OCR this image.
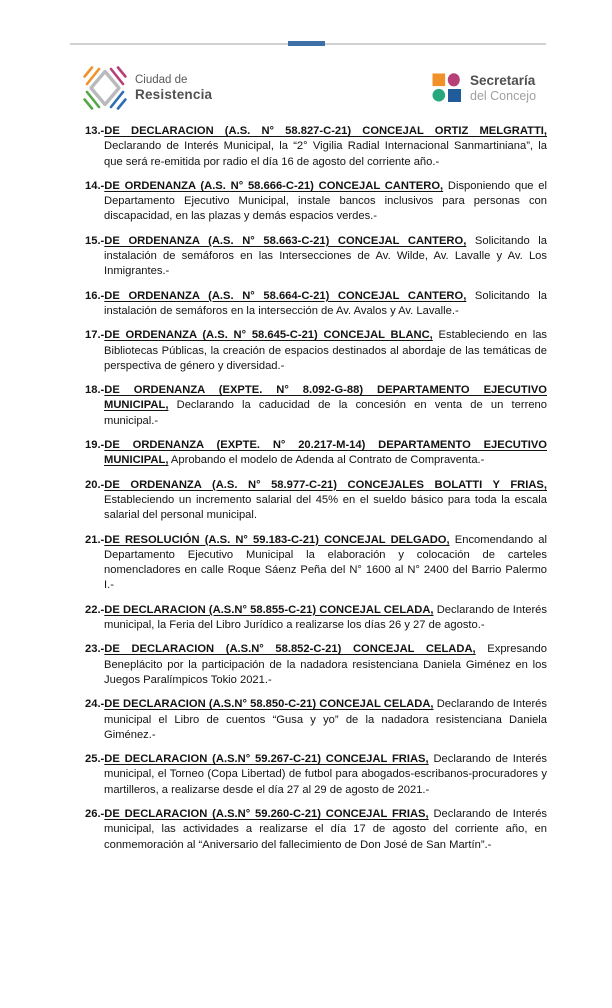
Ciudad de
Resistencia
Secretaría
del Concejo

13.-DE DECLARACION (A.S. N° 58.827-C-21) CONCEJAL ORTIZ MELGRATTI, Declarando de Interés Municipal, la “2° Vigilia Radial Internacional Sanmartiniana”, la que será re-emitida por radio el día 16 de agosto del corriente año.-

14.-DE ORDENANZA (A.S. N° 58.666-C-21) CONCEJAL CANTERO, Disponiendo que el Departamento Ejecutivo Municipal, instale bancos inclusivos para personas con discapacidad, en las plazas y demás espacios verdes.-

15.-DE ORDENANZA (A.S. N° 58.663-C-21) CONCEJAL CANTERO, Solicitando la instalación de semáforos en las Intersecciones de Av. Wilde, Av. Lavalle y Av. Los Inmigrantes.-

16.-DE ORDENANZA (A.S. N° 58.664-C-21) CONCEJAL CANTERO, Solicitando la instalación de semáforos en la intersección de Av. Avalos y Av. Lavalle.-

17.-DE ORDENANZA (A.S. N° 58.645-C-21) CONCEJAL BLANC, Estableciendo en las Bibliotecas Públicas, la creación de espacios destinados al abordaje de las temáticas de perspectiva de género y diversidad.-

18.-DE ORDENANZA (EXPTE. N° 8.092-G-88) DEPARTAMENTO EJECUTIVO MUNICIPAL, Declarando la caducidad de la concesión en venta de un terreno municipal.-

19.-DE ORDENANZA (EXPTE. N° 20.217-M-14) DEPARTAMENTO EJECUTIVO MUNICIPAL, Aprobando el modelo de Adenda al Contrato de Compraventa.-

20.-DE ORDENANZA (A.S. N° 58.977-C-21) CONCEJALES BOLATTI Y FRIAS, Estableciendo un incremento salarial del 45% en el sueldo básico para toda la escala salarial del personal municipal.

21.-DE RESOLUCIÓN (A.S. N° 59.183-C-21) CONCEJAL DELGADO, Encomendando al Departamento Ejecutivo Municipal la elaboración y colocación de carteles nomencladores en calle Roque Sáenz Peña del N° 1600 al N° 2400 del Barrio Palermo I.-

22.-DE DECLARACION (A.S.N° 58.855-C-21) CONCEJAL CELADA, Declarando de Interés municipal, la Feria del Libro Jurídico a realizarse los días 26 y 27 de agosto.-

23.-DE DECLARACION (A.S.N° 58.852-C-21) CONCEJAL CELADA, Expresando Beneplácito por la participación de la nadadora resistenciana Daniela Giménez en los Juegos Paralímpicos Tokio 2021.-

24.-DE DECLARACION (A.S.N° 58.850-C-21) CONCEJAL CELADA, Declarando de Interés municipal el Libro de cuentos “Gusa y yo” de la nadadora resistenciana Daniela Giménez.-

25.-DE DECLARACION (A.S.N° 59.267-C-21) CONCEJAL FRIAS, Declarando de Interés municipal, el Torneo (Copa Libertad) de futbol para abogados-escribanos-procuradores y martilleros, a realizarse desde el día 27 al 29 de agosto de 2021.-

26.-DE DECLARACION (A.S.N° 59.260-C-21) CONCEJAL FRIAS, Declarando de Interés municipal, las actividades a realizarse el día 17 de agosto del corriente año, en conmemoración al “Aniversario del fallecimiento de Don José de San Martín”.-
